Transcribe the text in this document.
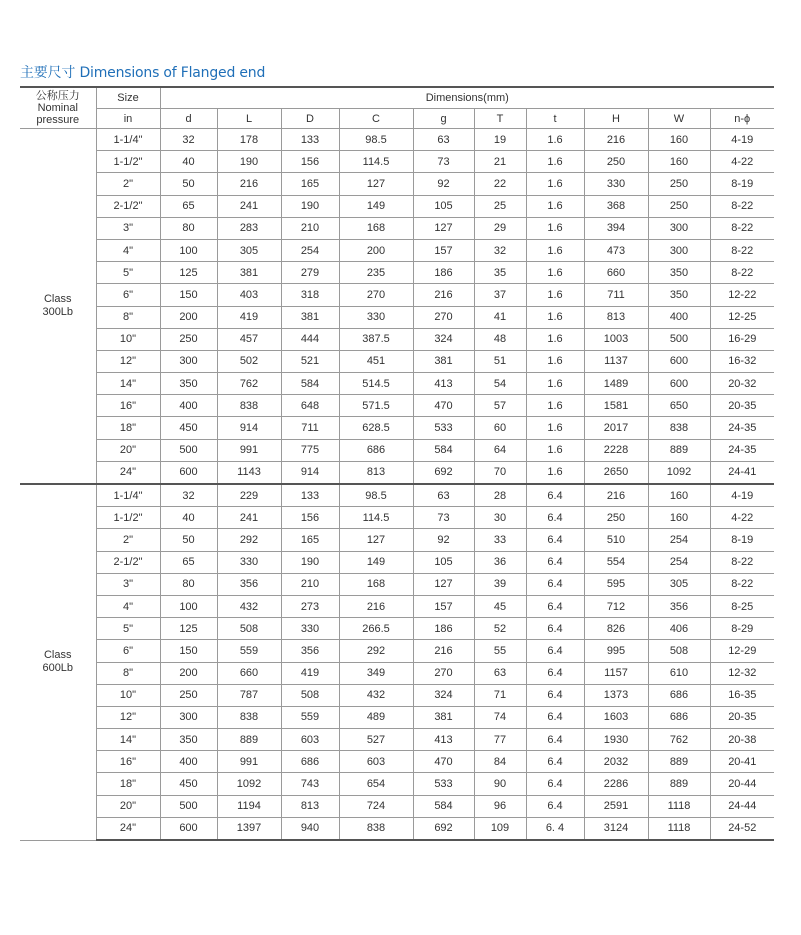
主要尺寸 Dimensions of Flanged end
公称压力
Nominal
pressure	Size	Dimensions(mm)									
	in	d	L	D	C	g	T	t	H	W	n-ϕ

Class
300Lb	1-1/4"	32	178	133	98.5	63	19	1.6	216	160	4-19
	1-1/2"	40	190	156	114.5	73	21	1.6	250	160	4-22
	2"	50	216	165	127	92	22	1.6	330	250	8-19
	2-1/2"	65	241	190	149	105	25	1.6	368	250	8-22
	3"	80	283	210	168	127	29	1.6	394	300	8-22
	4"	100	305	254	200	157	32	1.6	473	300	8-22
	5"	125	381	279	235	186	35	1.6	660	350	8-22
	6"	150	403	318	270	216	37	1.6	711	350	12-22
	8"	200	419	381	330	270	41	1.6	813	400	12-25
	10"	250	457	444	387.5	324	48	1.6	1003	500	16-29
	12"	300	502	521	451	381	51	1.6	1137	600	16-32
	14"	350	762	584	514.5	413	54	1.6	1489	600	20-32
	16"	400	838	648	571.5	470	57	1.6	1581	650	20-35
	18"	450	914	711	628.5	533	60	1.6	2017	838	24-35
	20"	500	991	775	686	584	64	1.6	2228	889	24-35
	24"	600	1143	914	813	692	70	1.6	2650	1092	24-41

Class
600Lb	1-1/4"	32	229	133	98.5	63	28	6.4	216	160	4-19
	1-1/2"	40	241	156	114.5	73	30	6.4	250	160	4-22
	2"	50	292	165	127	92	33	6.4	510	254	8-19
	2-1/2"	65	330	190	149	105	36	6.4	554	254	8-22
	3"	80	356	210	168	127	39	6.4	595	305	8-22
	4"	100	432	273	216	157	45	6.4	712	356	8-25
	5"	125	508	330	266.5	186	52	6.4	826	406	8-29
	6"	150	559	356	292	216	55	6.4	995	508	12-29
	8"	200	660	419	349	270	63	6.4	1157	610	12-32
	10"	250	787	508	432	324	71	6.4	1373	686	16-35
	12"	300	838	559	489	381	74	6.4	1603	686	20-35
	14"	350	889	603	527	413	77	6.4	1930	762	20-38
	16"	400	991	686	603	470	84	6.4	2032	889	20-41
	18"	450	1092	743	654	533	90	6.4	2286	889	20-44
	20"	500	1194	813	724	584	96	6.4	2591	1118	24-44
	24"	600	1397	940	838	692	109	6. 4	3124	1118	24-52
